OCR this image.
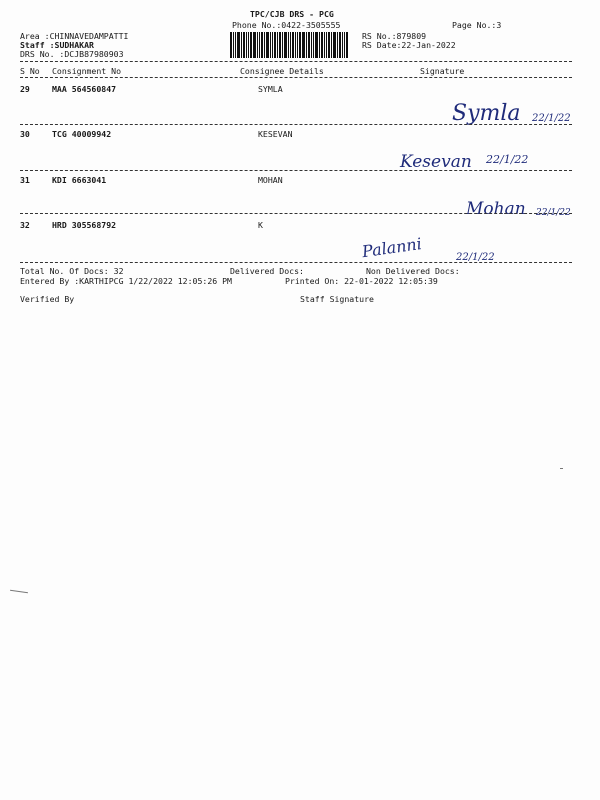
TPC/CJB DRS - PCG
Phone No.:0422-3505555	Page No.:3
Area :CHINNAVEDAMPATTI
Staff :SUDHAKAR
DRS No. :DCJB87980903
RS No.:879809
RS Date:22-Jan-2022
S No Consignment No	Consignee Details	Signature
29	MAA 564560847	SYMLA
Symla 22/1/22
30	TCG 40009942	KESEVAN
Kesevan 22/1/22
31	KDI 6663041	MOHAN
Mohan 22/1/22
32	HRD 305568792	K
Palanni	22/1/22
Total No. Of Docs: 32	Delivered Docs:	Non Delivered Docs:
Entered By :KARTHIPCG 1/22/2022 12:05:26 PM	Printed On: 22-01-2022 12:05:39
Verified By	Staff Signature
